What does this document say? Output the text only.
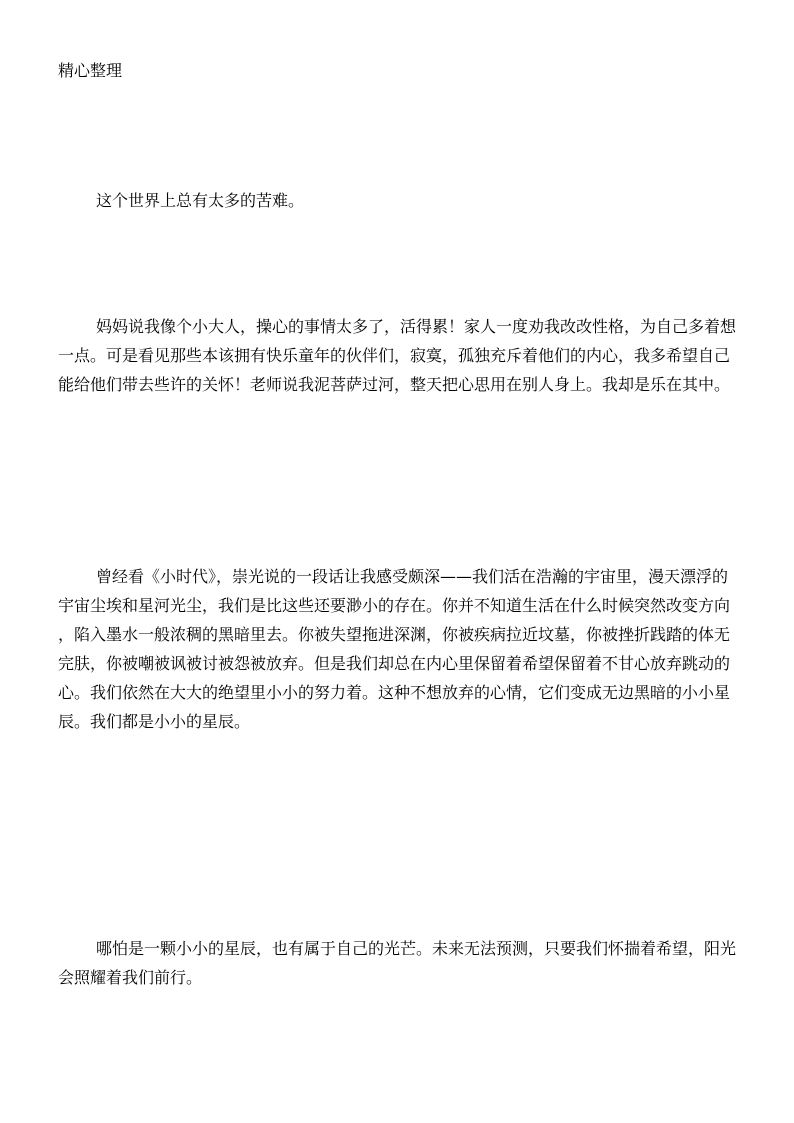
精心整理

这个世界上总有太多的苦难。

妈妈说我像个小大人，操心的事情太多了，活得累！家人一度劝我改改性格，为自己多着想一点。可是看见那些本该拥有快乐童年的伙伴们，寂寞，孤独充斥着他们的内心，我多希望自己能给他们带去些许的关怀！老师说我泥菩萨过河，整天把心思用在别人身上。我却是乐在其中。

曾经看《小时代》，崇光说的一段话让我感受颇深——我们活在浩瀚的宇宙里，漫天漂浮的宇宙尘埃和星河光尘，我们是比这些还要渺小的存在。你并不知道生活在什么时候突然改变方向，陷入墨水一般浓稠的黑暗里去。你被失望拖进深渊，你被疾病拉近坟墓，你被挫折践踏的体无完肤，你被嘲被讽被讨被怨被放弃。但是我们却总在内心里保留着希望保留着不甘心放弃跳动的心。我们依然在大大的绝望里小小的努力着。这种不想放弃的心情，它们变成无边黑暗的小小星辰。我们都是小小的星辰。

哪怕是一颗小小的星辰，也有属于自己的光芒。未来无法预测，只要我们怀揣着希望，阳光会照耀着我们前行。
